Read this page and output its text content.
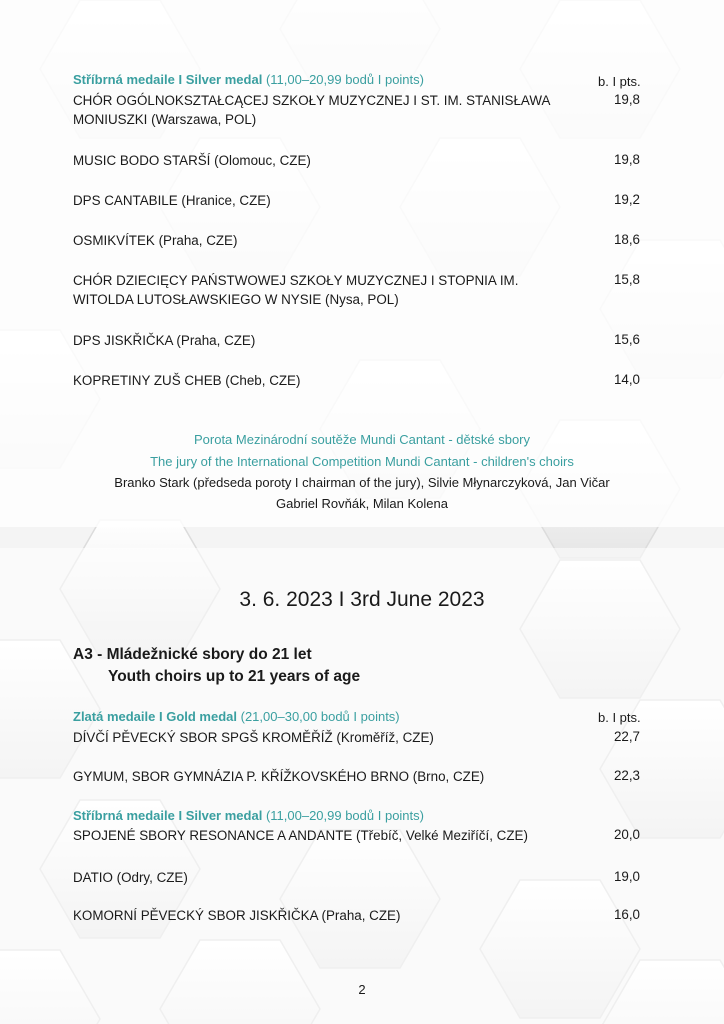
Stříbrná medaile I Silver medal (11,00–20,99 bodů I points)	b. I pts.
CHÓR OGÓLNOKSZTAŁCĄCEJ SZKOŁY MUZYCZNEJ I ST. IM. STANISŁAWA
MONIUSZKI (Warszawa, POL)
19,8
MUSIC BODO STARŠÍ (Olomouc, CZE)	19,8
DPS CANTABILE (Hranice, CZE)	19,2
OSMIKVÍTEK (Praha, CZE)	18,6
CHÓR DZIECIĘCY PAŃSTWOWEJ SZKOŁY MUZYCZNEJ I STOPNIA IM.
WITOLDA LUTOSŁAWSKIEGO W NYSIE (Nysa, POL)
15,8
DPS JISKŘIČKA (Praha, CZE)	15,6
KOPRETINY ZUŠ CHEB (Cheb, CZE)	14,0
Porota Mezinárodní soutěže Mundi Cantant - dětské sbory
The jury of the International Competition Mundi Cantant - children's choirs
Branko Stark (předseda poroty I chairman of the jury), Silvie Młynarczyková, Jan Vičar
Gabriel Rovňák, Milan Kolena
3. 6. 2023 I 3rd June 2023
A3 - Mládežnické sbory do 21 let
Youth choirs up to 21 years of age
Zlatá medaile I Gold medal (21,00–30,00 bodů I points)	b. I pts.
DÍVČÍ PĚVECKÝ SBOR SPGŠ KROMĚŘÍŽ (Kroměříž, CZE)	22,7
GYMUM, SBOR GYMNÁZIA P. KŘÍŽKOVSKÉHO BRNO (Brno, CZE)	22,3
Stříbrná medaile I Silver medal (11,00–20,99 bodů I points)
SPOJENÉ SBORY RESONANCE A ANDANTE (Třebíč, Velké Meziříčí, CZE)	20,0
DATIO (Odry, CZE)	19,0
KOMORNÍ PĚVECKÝ SBOR JISKŘIČKA (Praha, CZE)	16,0
2
